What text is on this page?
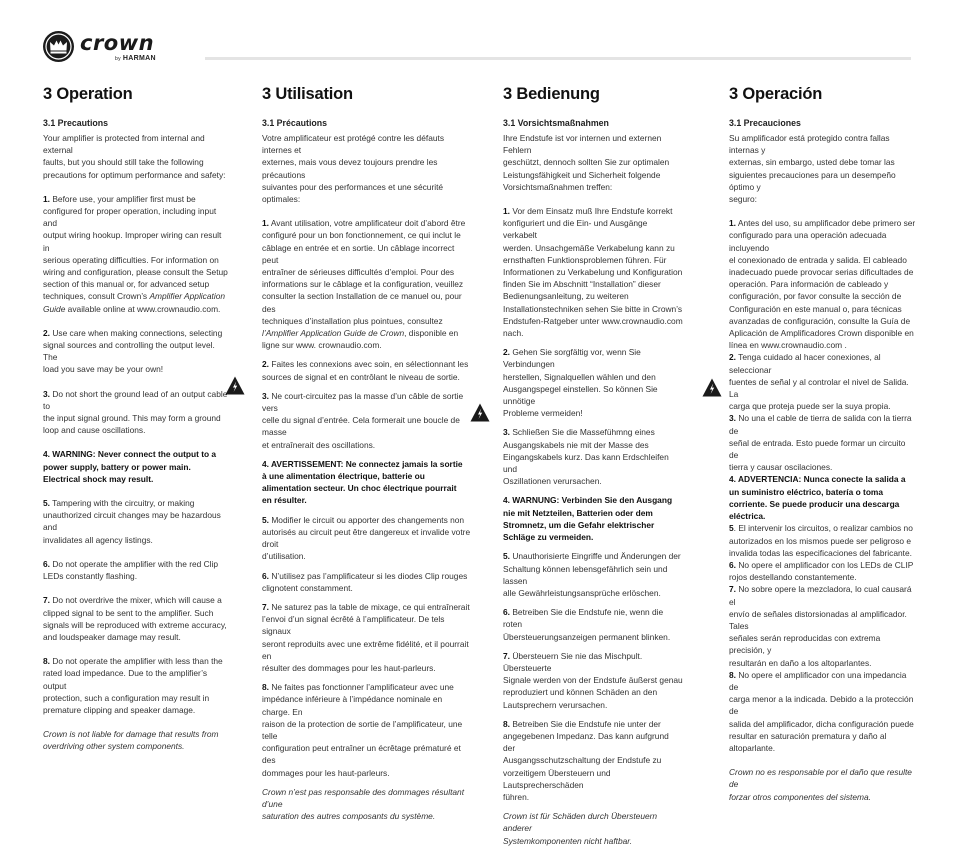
crown
by HARMAN
3 Operation
3.1 Precautions

Your amplifier is protected from internal and external
faults, but you should still take the following
precautions for optimum performance and safety:

1. Before use, your amplifier first must be
configured for proper operation, including input and
output wiring hookup. Improper wiring can result in
serious operating difficulties. For information on
wiring and configuration, please consult the Setup
section of this manual or, for advanced setup
techniques, consult Crown’s Amplifier Application
Guide available online at www.crownaudio.com.

2. Use care when making connections, selecting
signal sources and controlling the output level. The
load you save may be your own!

3. Do not short the ground lead of an output cable to
the input signal ground. This may form a ground
loop and cause oscillations.

4. WARNING: Never connect the output to a
power supply, battery or power main.
Electrical shock may result.

5. Tampering with the circuitry, or making
unauthorized circuit changes may be hazardous and
invalidates all agency listings.

6. Do not operate the amplifier with the red Clip
LEDs constantly flashing.

7. Do not overdrive the mixer, which will cause a
clipped signal to be sent to the amplifier. Such
signals will be reproduced with extreme accuracy,
and loudspeaker damage may result.

8. Do not operate the amplifier with less than the
rated load impedance. Due to the amplifier’s output
protection, such a configuration may result in
premature clipping and speaker damage.

Crown is not liable for damage that results from
overdriving other system components.

3 Utilisation
3.1 Précautions

Votre amplificateur est protégé contre les défauts internes et
externes, mais vous devez toujours prendre les précautions
suivantes pour des performances et une sécurité optimales:

1. Avant utilisation, votre amplificateur doit d’abord être
configuré pour un bon fonctionnement, ce qui inclut le
câblage en entrée et en sortie. Un câblage incorrect peut
entraîner de sérieuses difficultés d’emploi. Pour des
informations sur le câblage et la configuration, veuillez
consulter la section Installation de ce manuel ou, pour des
techniques d’installation plus pointues, consultez
l’Amplifier Application Guide de Crown, disponible en
ligne sur www. crownaudio.com.

2. Faites les connexions avec soin, en sélectionnant les
sources de signal et en contrôlant le niveau de sortie.

3. Ne court-circuitez pas la masse d’un câble de sortie vers
celle du signal d’entrée. Cela formerait une boucle de masse
et entraînerait des oscillations.

4. AVERTISSEMENT: Ne connectez jamais la sortie
à une alimentation électrique, batterie ou
alimentation secteur. Un choc électrique pourrait
en résulter.

5. Modifier le circuit ou apporter des changements non
autorisés au circuit peut être dangereux et invalide votre droit
d’utilisation.

6. N’utilisez pas l’amplificateur si les diodes Clip rouges
clignotent constamment.

7. Ne saturez pas la table de mixage, ce qui entraînerait
l’envoi d’un signal écrêté à l’amplificateur. De tels signaux
seront reproduits avec une extrême fidélité, et il pourrait en
résulter des dommages pour les haut-parleurs.

8. Ne faites pas fonctionner l’amplificateur avec une
impédance inférieure à l’impédance nominale en charge. En
raison de la protection de sortie de l’amplificateur, une telle
configuration peut entraîner un écrêtage prématuré et des
dommages pour les haut-parleurs.

Crown n’est pas responsable des dommages résultant d’une
saturation des autres composants du système.

3 Bedienung
3.1 Vorsichtsmaßnahmen

Ihre Endstufe ist vor internen und externen Fehlern
geschützt, dennoch sollten Sie zur optimalen
Leistungsfähigkeit und Sicherheit folgende
Vorsichtsmaßnahmen treffen:

1. Vor dem Einsatz muß Ihre Endstufe korrekt
konfiguriert und die Ein- und Ausgänge verkabelt
werden. Unsachgemäße Verkabelung kann zu
ernsthaften Funktionsproblemen führen. Für
Informationen zu Verkabelung und Konfiguration
finden Sie im Abschnitt “Installation” dieser
Bedienungsanleitung, zu weiteren
Installationstechniken sehen Sie bitte in Crown’s
Endstufen-Ratgeber unter www.crownaudio.com
nach.

2. Gehen Sie sorgfältig vor, wenn Sie Verbindungen
herstellen, Signalquellen wählen und den
Ausgangspegel einstellen. So können Sie unnötige
Probleme vermeiden!

3. Schließen Sie die Massefühmng eines
Ausgangskabels nie mit der Masse des
Eingangskabels kurz. Das kann Erdschleifen und
Oszillationen verursachen.

4. WARNUNG: Verbinden Sie den Ausgang
nie mit Netzteilen, Batterien oder dem
Stromnetz, um die Gefahr elektrischer
Schläge zu vermeiden.

5. Unauthorisierte Eingriffe und Änderungen der
Schaltung können lebensgefährlich sein und lassen
alle Gewährleistungsansprüche erlöschen.

6. Betreiben Sie die Endstufe nie, wenn die roten
Übersteuerungsanzeigen permanent blinken.

7. Übersteuern Sie nie das Mischpult. Übersteuerte
Signale werden von der Endstufe äußerst genau
reproduziert und können Schäden an den
Lautsprechern verursachen.

8. Betreiben Sie die Endstufe nie unter der
angegebenen Impedanz. Das kann aufgrund der
Ausgangsschutzschaltung der Endstufe zu
vorzeitigem Übersteuern und Lautsprecherschäden
führen.

Crown ist für Schäden durch Übersteuern anderer
Systemkomponenten nicht haftbar.

3 Operación
3.1 Precauciones

Su amplificador está protegido contra fallas internas y
externas, sin embargo, usted debe tomar las
siguientes precauciones para un desempeño óptimo y
seguro:

1. Antes del uso, su amplificador debe primero ser
configurado para una operación adecuada incluyendo
el conexionado de entrada y salida. El cableado
inadecuado puede provocar serias dificultades de
operación. Para información de cableado y
configuración, por favor consulte la sección de
Configuración en este manual o, para técnicas
avanzadas de configuración, consulte la Guía de
Aplicación de Amplificadores Crown disponible en
línea en www.crownaudio.com .

2. Tenga cuidado al hacer conexiones, al seleccionar
fuentes de señal y al controlar el nivel de Salida. La
carga que proteja puede ser la suya propia.

3. No una el cable de tierra de salida con la tierra de
señal de entrada. Esto puede formar un circuito de
tierra y causar oscilaciones.

4. ADVERTENCIA: Nunca conecte la salida a
un suministro eléctrico, batería o toma
corriente. Se puede producir una descarga
eléctrica.

5. El intervenir los circuitos, o realizar cambios no
autorizados en los mismos puede ser peligroso e
invalida todas las especificaciones del fabricante.

6. No opere el amplificador con los LEDs de CLIP
rojos destellando constantemente.

7. No sobre opere la mezcladora, lo cual causará el
envío de señales distorsionadas al amplificador. Tales
señales serán reproducidas con extrema precisión, y
resultarán en daño a los altoparlantes.

8. No opere el amplificador con una impedancia de
carga menor a la indicada. Debido a la protección de
salida del amplificador, dicha configuración puede
resultar en saturación prematura y daño al
altoparlante.

Crown no es responsable por el daño que resulte de
forzar otros componentes del sistema.
